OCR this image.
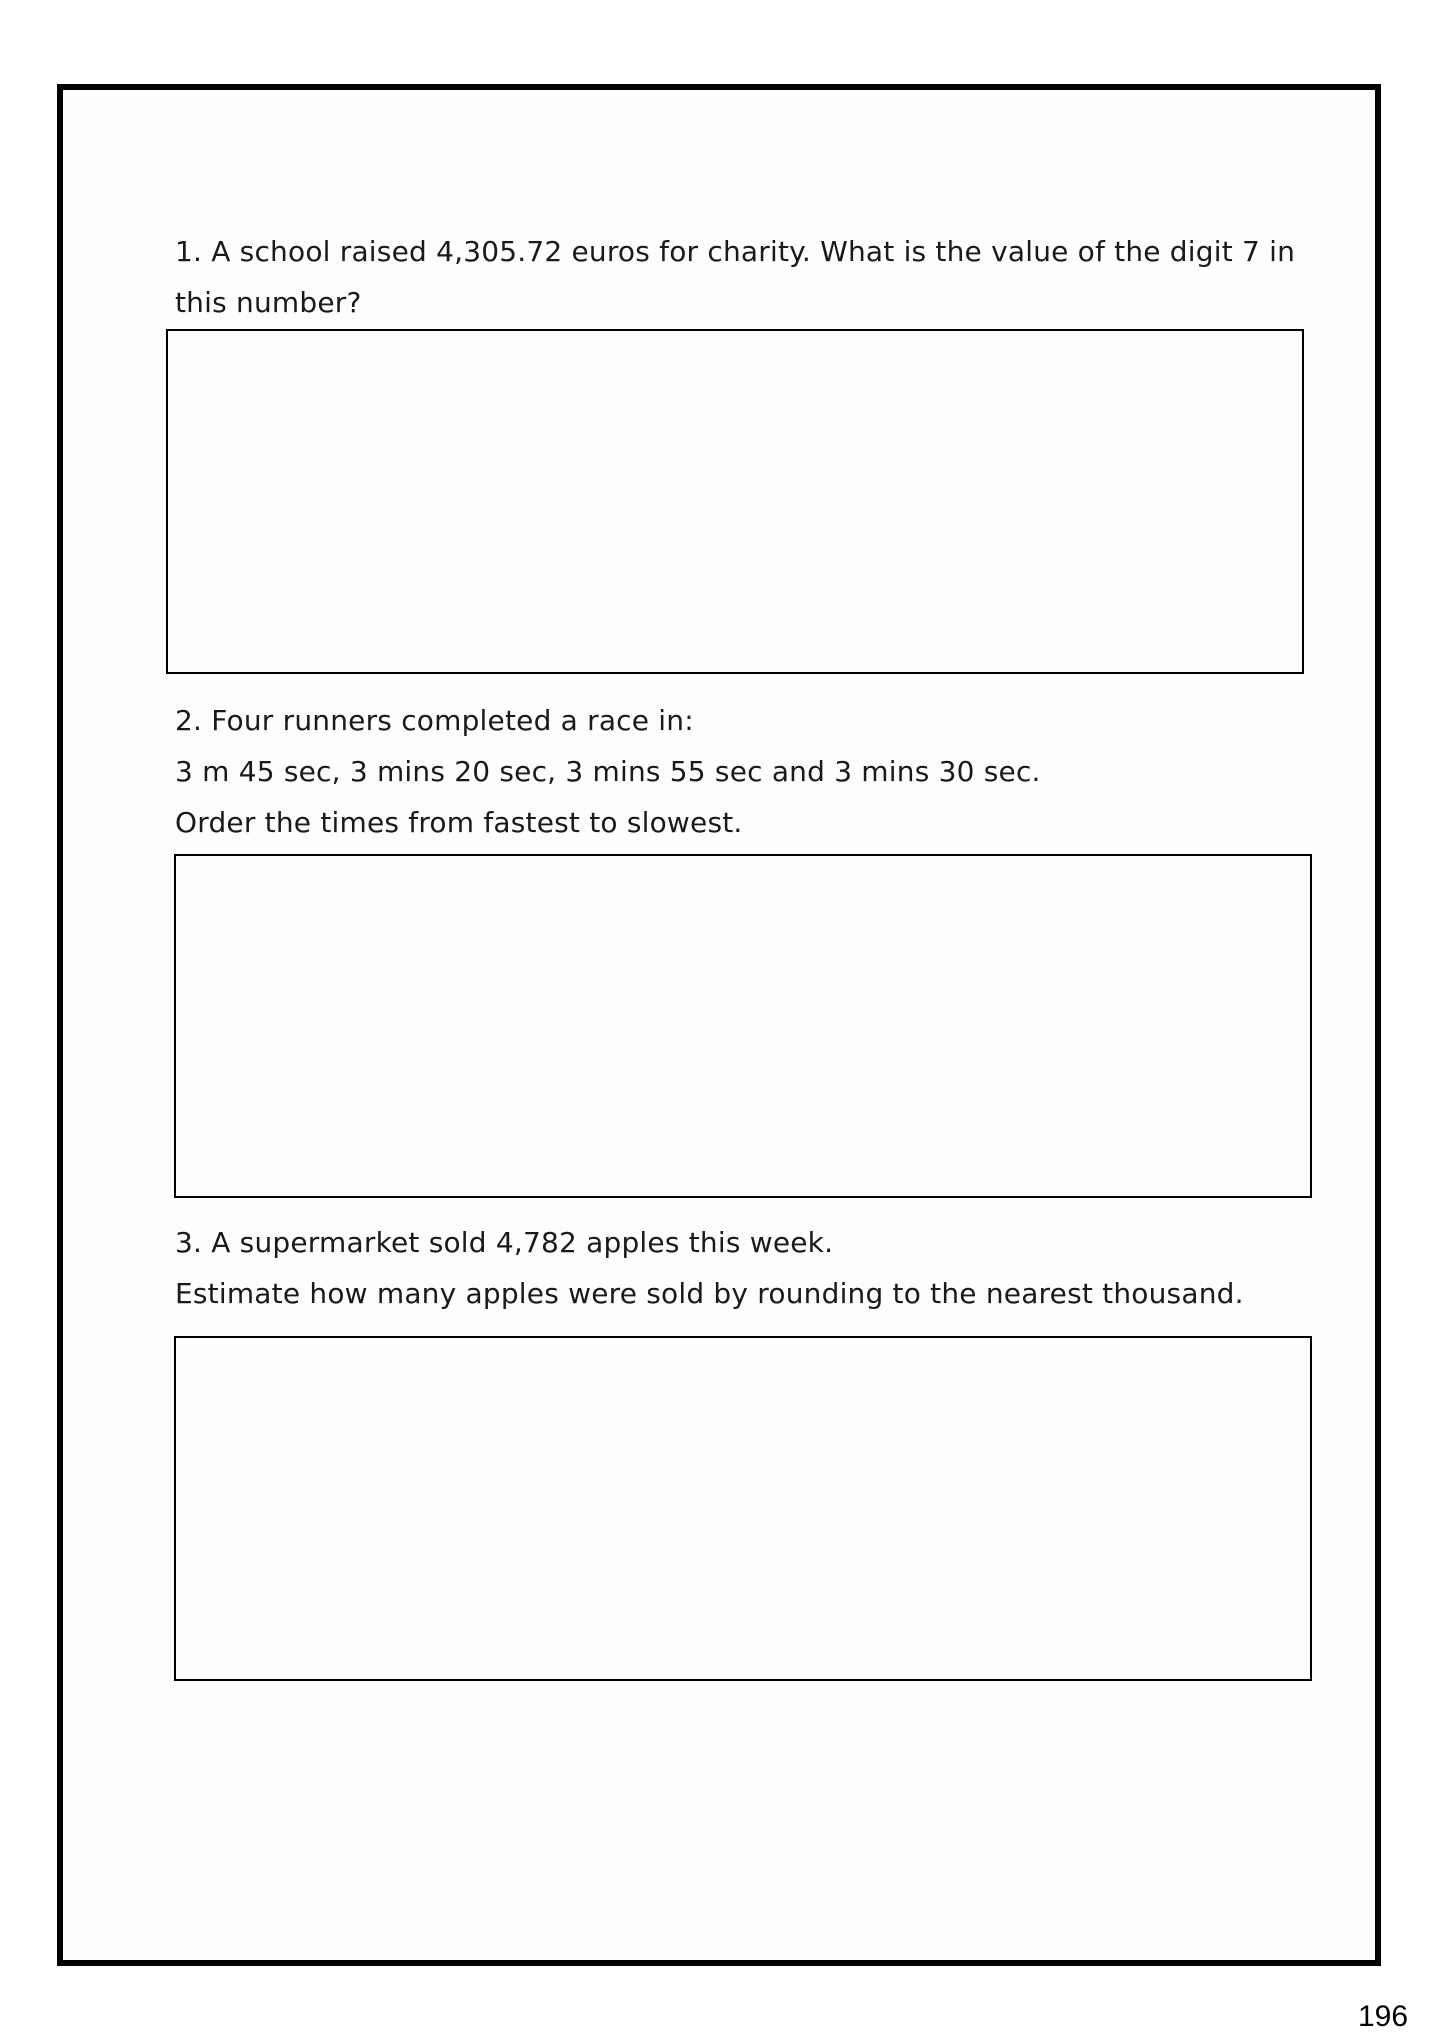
1. A school raised 4,305.72 euros for charity. What is the value of the digit 7 in

this number?

2. Four runners completed a race in:

3 m 45 sec, 3 mins 20 sec, 3 mins 55 sec and 3 mins 30 sec.

Order the times from fastest to slowest.

3. A supermarket sold 4,782 apples this week.

Estimate how many apples were sold by rounding to the nearest thousand.

196
